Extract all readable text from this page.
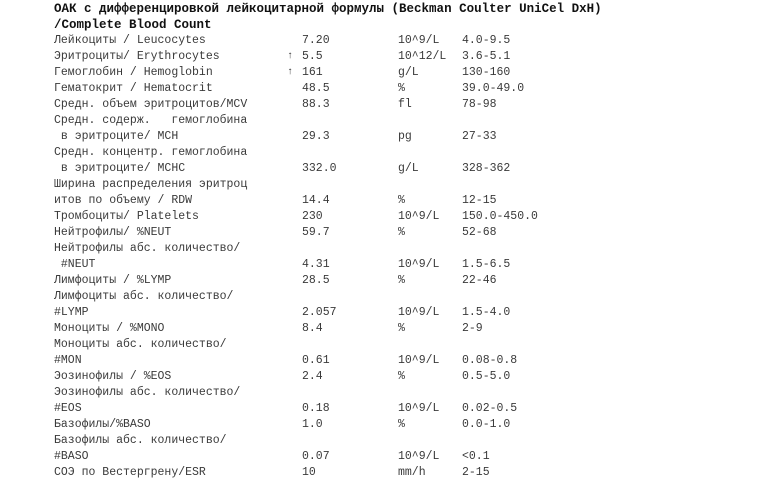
ОАК с дифференцировкой лейкоцитарной формулы (Beckman Coulter UniCel DxH)
/Complete Blood Count
Лейкоциты / Leucocytes	7.20	10^9/L 4.0-9.5
Эритроциты/ Erythrocytes	↑ 5.5	10^12/L 3.6-5.1
Гемоглобин / Hemoglobin	↑ 161	g/L	130-160
Гематокрит / Hematocrit	48.5	%	39.0-49.0
Средн. объем эритроцитов/MCV	88.3	fl	78-98
Средн. содерж.   гемоглобина
в эритроците/ MCH	29.3	pg	27-33
Средн. концентр. гемоглобина
в эритроците/ MCHC	332.0	g/L	328-362
Ширина распределения эритроц
итов по объему / RDW	14.4	%	12-15
Тромбоциты/ Platelets	230	10^9/L 150.0-450.0
Нейтрофилы/ %NEUT	59.7	%	52-68
Нейтрофилы абс. количество/
#NEUT	4.31	10^9/L 1.5-6.5
Лимфоциты / %LYMP	28.5	%	22-46
Лимфоциты абс. количество/
#LYMP	2.057	10^9/L 1.5-4.0
Моноциты / %MONO	8.4	%	2-9
Моноциты абс. количество/
#MON	0.61	10^9/L 0.08-0.8
Эозинофилы / %EOS	2.4	%	0.5-5.0
Эозинофилы абс. количество/
#EOS	0.18	10^9/L 0.02-0.5
Базофилы/%BASO	1.0	%	0.0-1.0
Базофилы абс. количество/
#BASO	0.07	10^9/L <0.1
СОЭ по Вестергрену/ESR	10	mm/h	2-15
